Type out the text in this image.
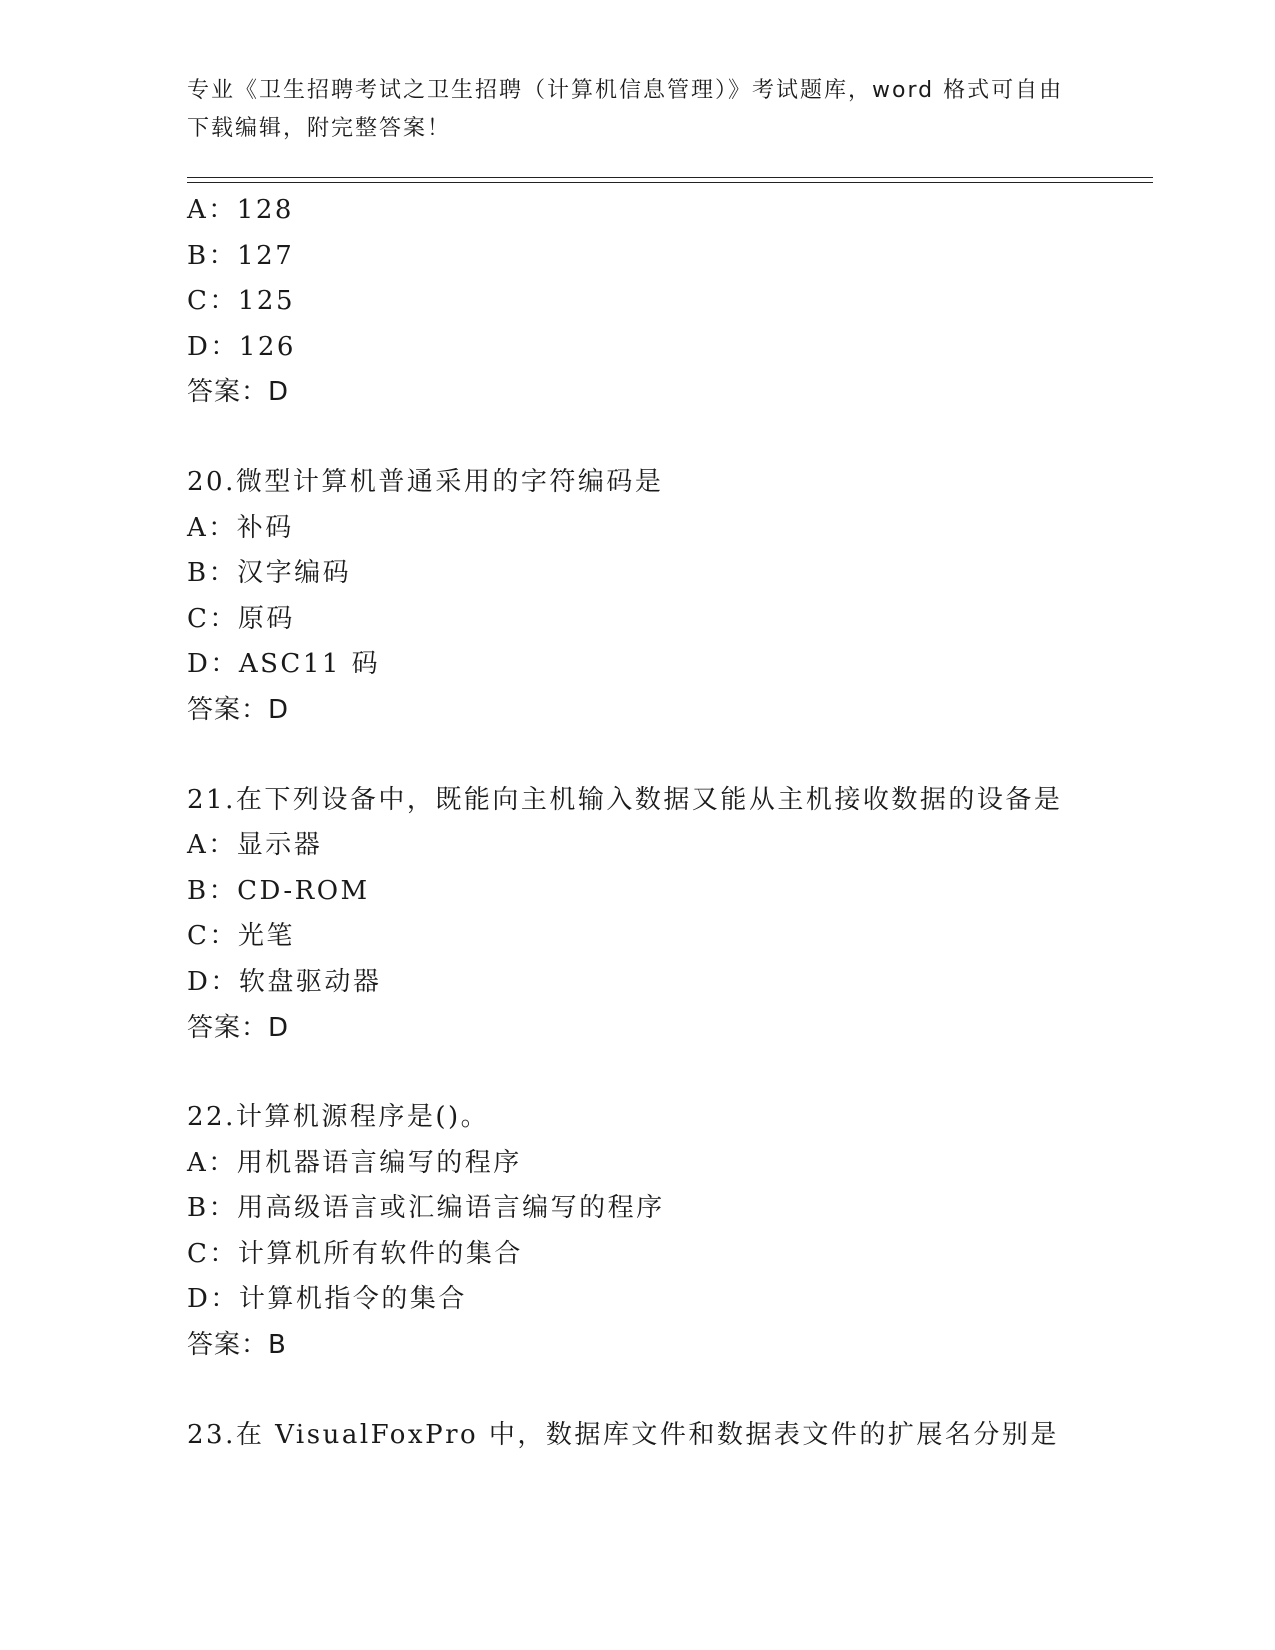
专业《卫生招聘考试之卫生招聘（计算机信息管理）》考试题库，word 格式可自由下载编辑，附完整答案！
A：128
B：127
C：125
D：126
答案：D
20.微型计算机普通采用的字符编码是
A：补码
B：汉字编码
C：原码
D：ASC11 码
答案：D
21.在下列设备中，既能向主机输入数据又能从主机接收数据的设备是
A：显示器
B：CD-ROM
C：光笔
D：软盘驱动器
答案：D
22.计算机源程序是()。
A：用机器语言编写的程序
B：用高级语言或汇编语言编写的程序
C：计算机所有软件的集合
D：计算机指令的集合
答案：B
23.在 VisualFoxPro 中，数据库文件和数据表文件的扩展名分别是
